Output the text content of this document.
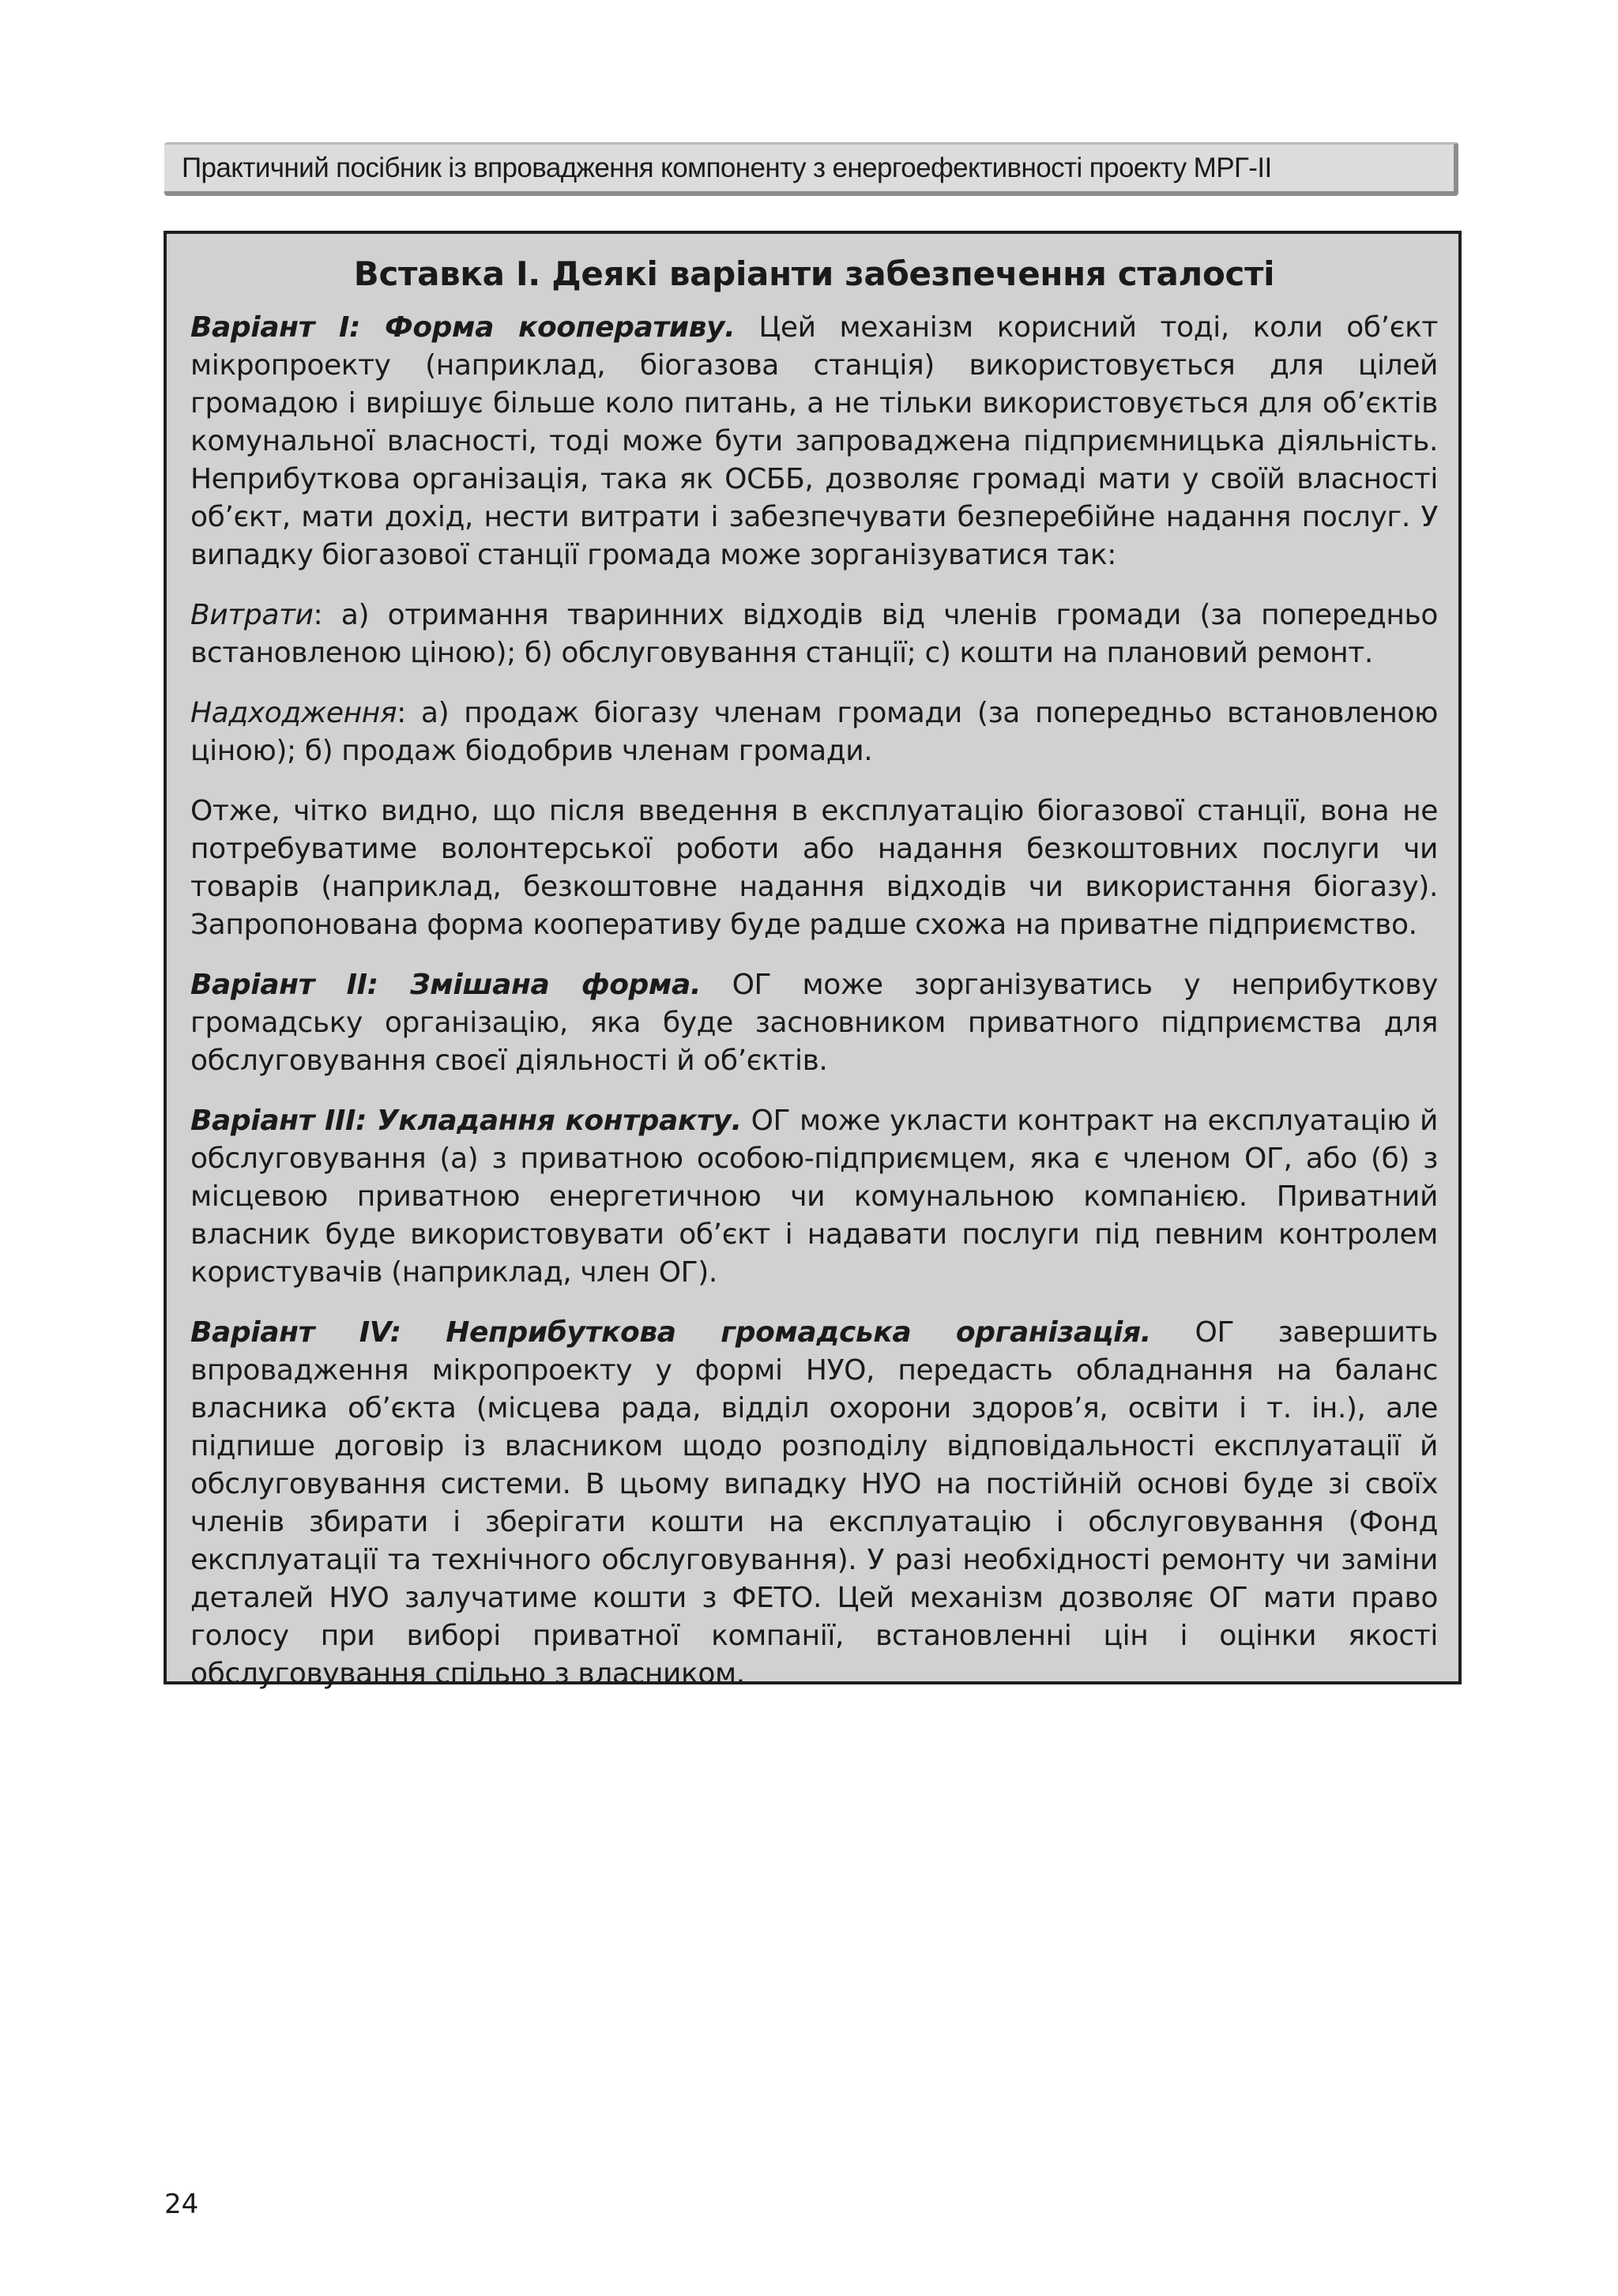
Практичний посібник із впровадження компоненту з енергоефективності проекту МРГ-ІІ
Вставка І. Деякі варіанти забезпечення сталості

Варіант І: Форма кооперативу. Цей механізм корисний тоді, коли об’єкт мікропроекту (наприклад, біогазова станція) використовується для цілей громадою і вирішує більше коло питань, а не тільки використовується для об’єктів комунальної власності, тоді може бути запроваджена підприємницька діяльність. Неприбуткова організація, така як ОСББ, дозволяє громаді мати у своїй власності об’єкт, мати дохід, нести витрати і забезпечувати безперебійне надання послуг. У випадку біогазової станції громада може зорганізуватися так:

Витрати: а) отримання тваринних відходів від членів громади (за попередньо встановленою ціною); б) обслуговування станції; с) кошти на плановий ремонт.

Надходження: а) продаж біогазу членам громади (за попередньо встановленою ціною); б) продаж біодобрив членам громади.

Отже, чітко видно, що після введення в експлуатацію біогазової станції, вона не потребуватиме волонтерської роботи або надання безкоштовних послуги чи товарів (наприклад, безкоштовне надання відходів чи використання біогазу). Запропонована форма кооперативу буде радше схожа на приватне підприємство.

Варіант ІІ: Змішана форма. ОГ може зорганізуватись у неприбуткову громадську організацію, яка буде засновником приватного підприємства для обслуговування своєї діяльності й об’єктів.

Варіант ІІІ: Укладання контракту. ОГ може укласти контракт на експлуатацію й обслуговування (а) з приватною особою-підприємцем, яка є членом ОГ, або (б) з місцевою приватною енергетичною чи комунальною компанією. Приватний власник буде використовувати об’єкт і надавати послуги під певним контролем користувачів (наприклад, член ОГ).

Варіант IV: Неприбуткова громадська організація. ОГ завершить впровадження мікропроекту у формі НУО, передасть обладнання на баланс власника об’єкта (місцева рада, відділ охорони здоров’я, освіти і т. ін.), але підпише договір із власником щодо розподілу відповідальності експлуатації й обслуговування системи. В цьому випадку НУО на постійній основі буде зі своїх членів збирати і зберігати кошти на експлуатацію і обслуговування (Фонд експлуатації та технічного обслуговування). У разі необхідності ремонту чи заміни деталей НУО залучатиме кошти з ФЕТО. Цей механізм дозволяє ОГ мати право голосу при виборі приватної компанії, встановленні цін і оцінки якості обслуговування спільно з власником.

24
